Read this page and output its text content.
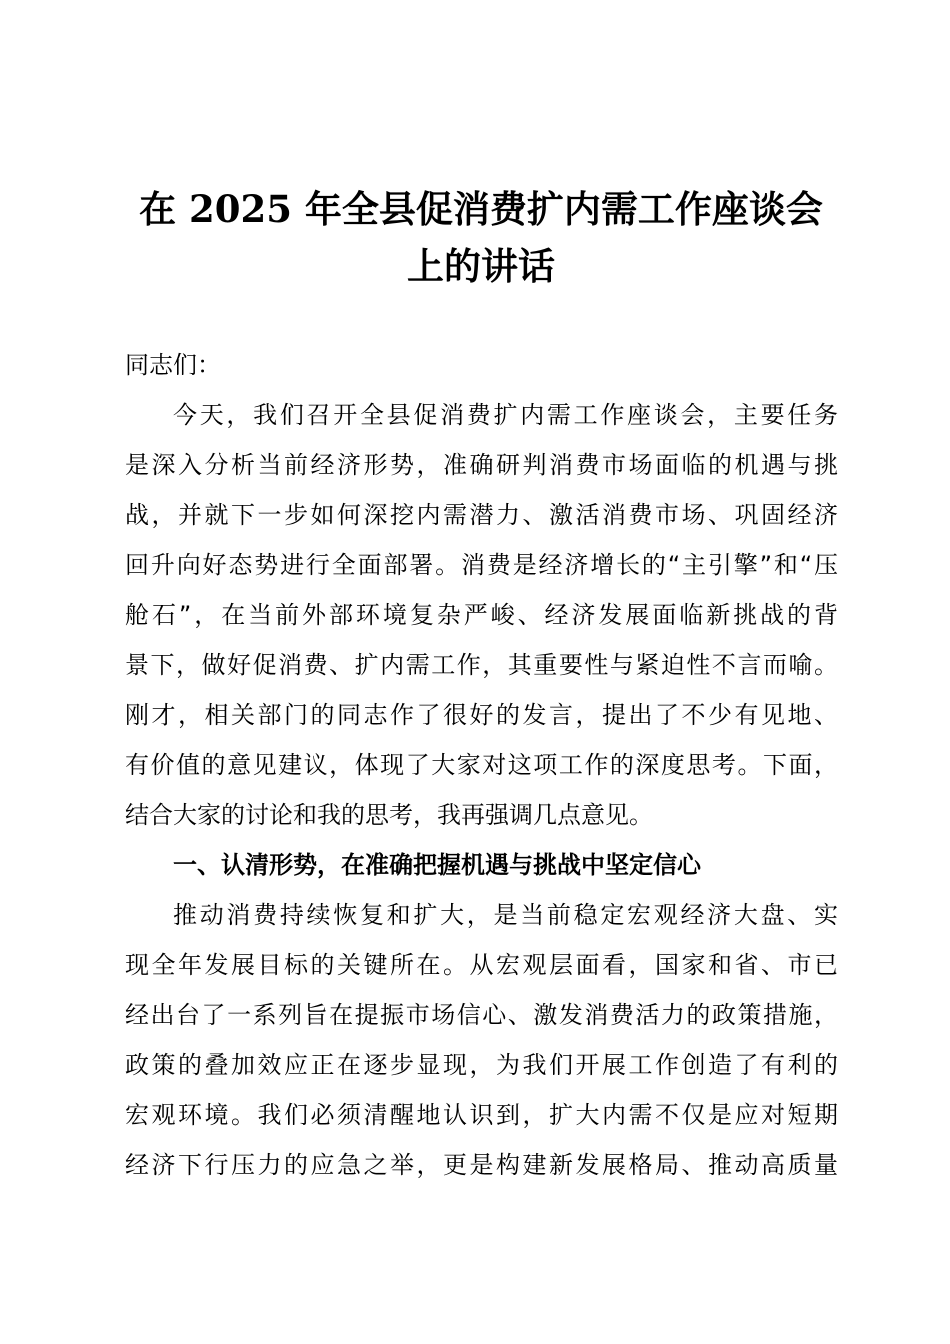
在 2025 年全县促消费扩内需工作座谈会
上的讲话

同志们：

今天，我们召开全县促消费扩内需工作座谈会，主要任务

是深入分析当前经济形势，准确研判消费市场面临的机遇与挑

战，并就下一步如何深挖内需潜力、激活消费市场、巩固经济

回升向好态势进行全面部署。消费是经济增长的“主引擎”和“压

舱石”，在当前外部环境复杂严峻、经济发展面临新挑战的背

景下，做好促消费、扩内需工作，其重要性与紧迫性不言而喻。

刚才，相关部门的同志作了很好的发言，提出了不少有见地、

有价值的意见建议，体现了大家对这项工作的深度思考。下面，

结合大家的讨论和我的思考，我再强调几点意见。

一、认清形势，在准确把握机遇与挑战中坚定信心

推动消费持续恢复和扩大，是当前稳定宏观经济大盘、实

现全年发展目标的关键所在。从宏观层面看，国家和省、市已

经出台了一系列旨在提振市场信心、激发消费活力的政策措施，

政策的叠加效应正在逐步显现，为我们开展工作创造了有利的

宏观环境。我们必须清醒地认识到，扩大内需不仅是应对短期

经济下行压力的应急之举，更是构建新发展格局、推动高质量
